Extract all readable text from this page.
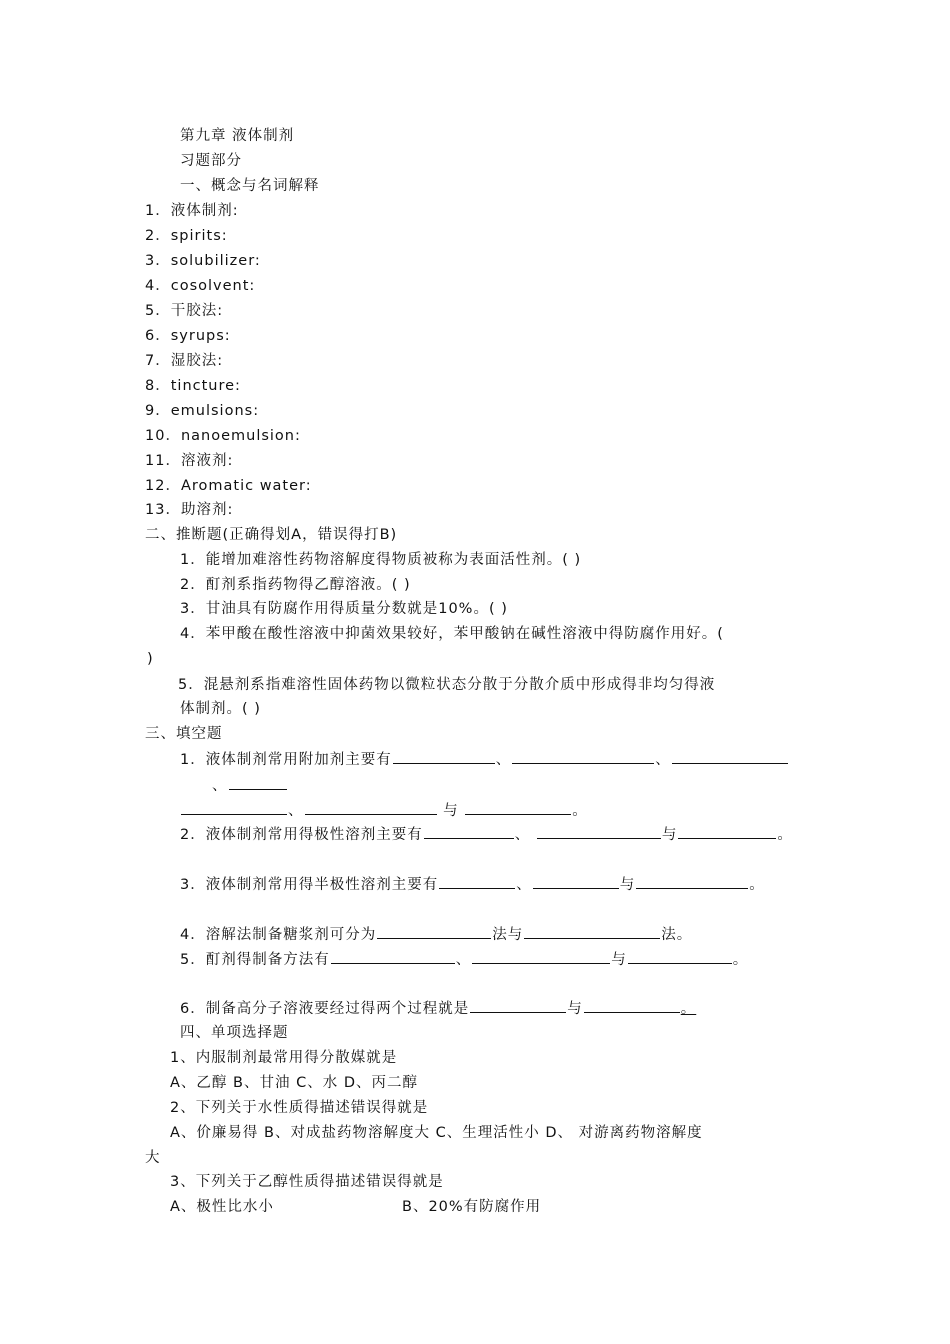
第九章 液体制剂
习题部分
一、概念与名词解释
1．液体制剂:
2．spirits:
3．solubilizer:
4．cosolvent:
5．干胶法:
6．syrups:
7．湿胶法:
8．tincture:
9．emulsions:
10．nanoemulsion:
11．溶液剂:
12．Aromatic water:
13．助溶剂:
二、推断题(正确得划A，错误得打B)
1．能增加难溶性药物溶解度得物质被称为表面活性剂。( )
2．酊剂系指药物得乙醇溶液。( )
3．甘油具有防腐作用得质量分数就是10%。( )
4．苯甲酸在酸性溶液中抑菌效果较好，苯甲酸钠在碱性溶液中得防腐作用好。(
)
5．混悬剂系指难溶性固体药物以微粒状态分散于分散介质中形成得非均匀得液
体制剂。( )
三、填空题
1．液体制剂常用附加剂主要有	、	、
、
、	与	。
2．液体制剂常用得极性溶剂主要有	、	与	。
3．液体制剂常用得半极性溶剂主要有	、	与	。
4．溶解法制备糖浆剂可分为	法与	法。
5．酊剂得制备方法有	、	与	。
6．制备高分子溶液要经过得两个过程就是	与	。
四、单项选择题
1、内服制剂最常用得分散媒就是
A、乙醇 B、甘油 C、水 D、丙二醇
2、下列关于水性质得描述错误得就是
A、价廉易得 B、对成盐药物溶解度大 C、生理活性小 D、 对游离药物溶解度
大
3、下列关于乙醇性质得描述错误得就是
A、极性比水小	B、20%有防腐作用
